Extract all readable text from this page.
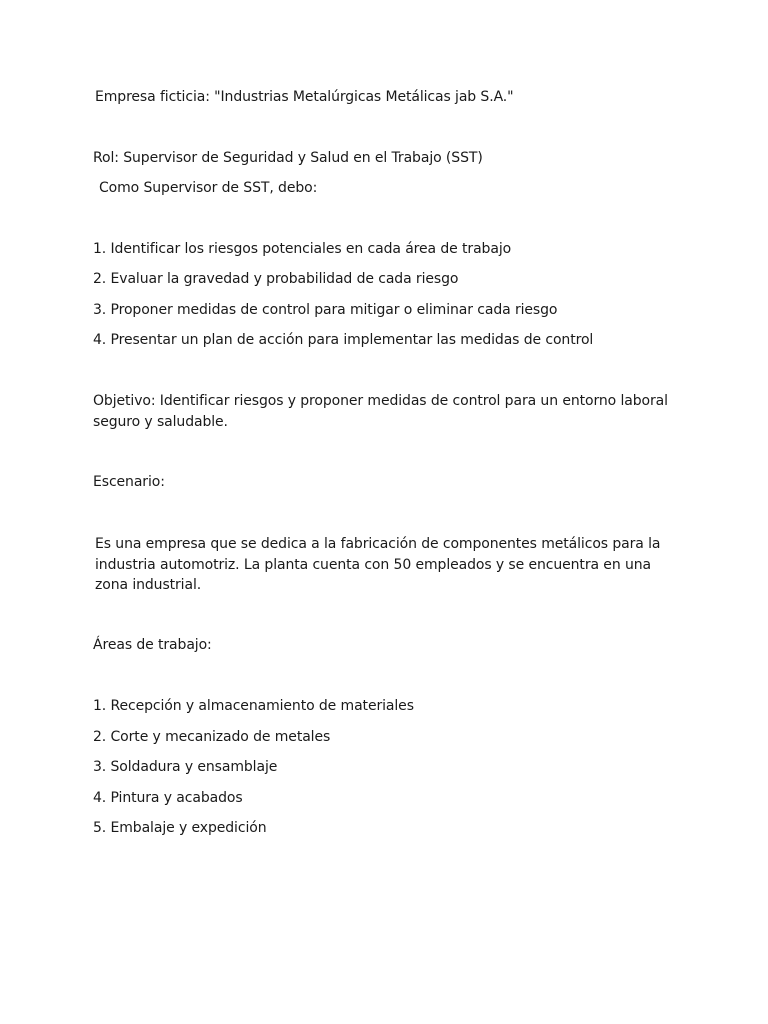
Empresa ficticia: "Industrias Metalúrgicas Metálicas jab S.A."
Rol: Supervisor de Seguridad y Salud en el Trabajo (SST)
Como Supervisor de SST, debo:
1. Identificar los riesgos potenciales en cada área de trabajo
2. Evaluar la gravedad y probabilidad de cada riesgo
3. Proponer medidas de control para mitigar o eliminar cada riesgo
4. Presentar un plan de acción para implementar las medidas de control
Objetivo: Identificar riesgos y proponer medidas de control para un entorno laboral seguro y saludable.
Escenario:
Es una empresa que se dedica a la fabricación de componentes metálicos para la industria automotriz. La planta cuenta con 50 empleados y se encuentra en una zona industrial.
Áreas de trabajo:
1. Recepción y almacenamiento de materiales
2. Corte y mecanizado de metales
3. Soldadura y ensamblaje
4. Pintura y acabados
5. Embalaje y expedición
